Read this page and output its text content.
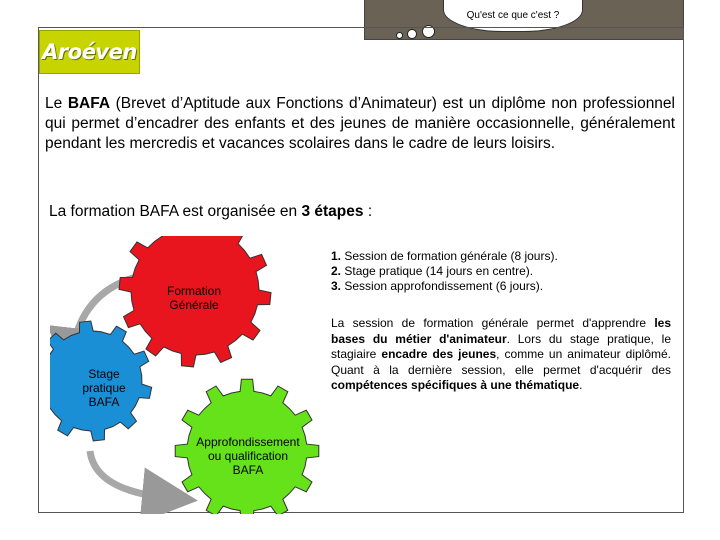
Qu'est ce que c'est ?
Aroéven
Le BAFA (Brevet d’Aptitude aux Fonctions d’Animateur) est un diplôme non professionnel qui permet d’encadrer des enfants et des jeunes de manière occasionnelle, généralement pendant les mercredis et vacances scolaires dans le cadre de leurs loisirs.
La formation BAFA est organisée en 3 étapes :
1. Session de formation générale (8 jours).
2. Stage pratique (14 jours en centre).
3. Session approfondissement (6 jours).
La session de formation générale permet d'apprendre les bases du métier d'animateur. Lors du stage pratique, le stagiaire encadre des jeunes, comme un animateur diplômé. Quant à la dernière session, elle permet d'acquérir des compétences spécifiques à une thématique.
Formation
Générale
Stage
pratique
BAFA
Approfondissement
ou qualification
BAFA
